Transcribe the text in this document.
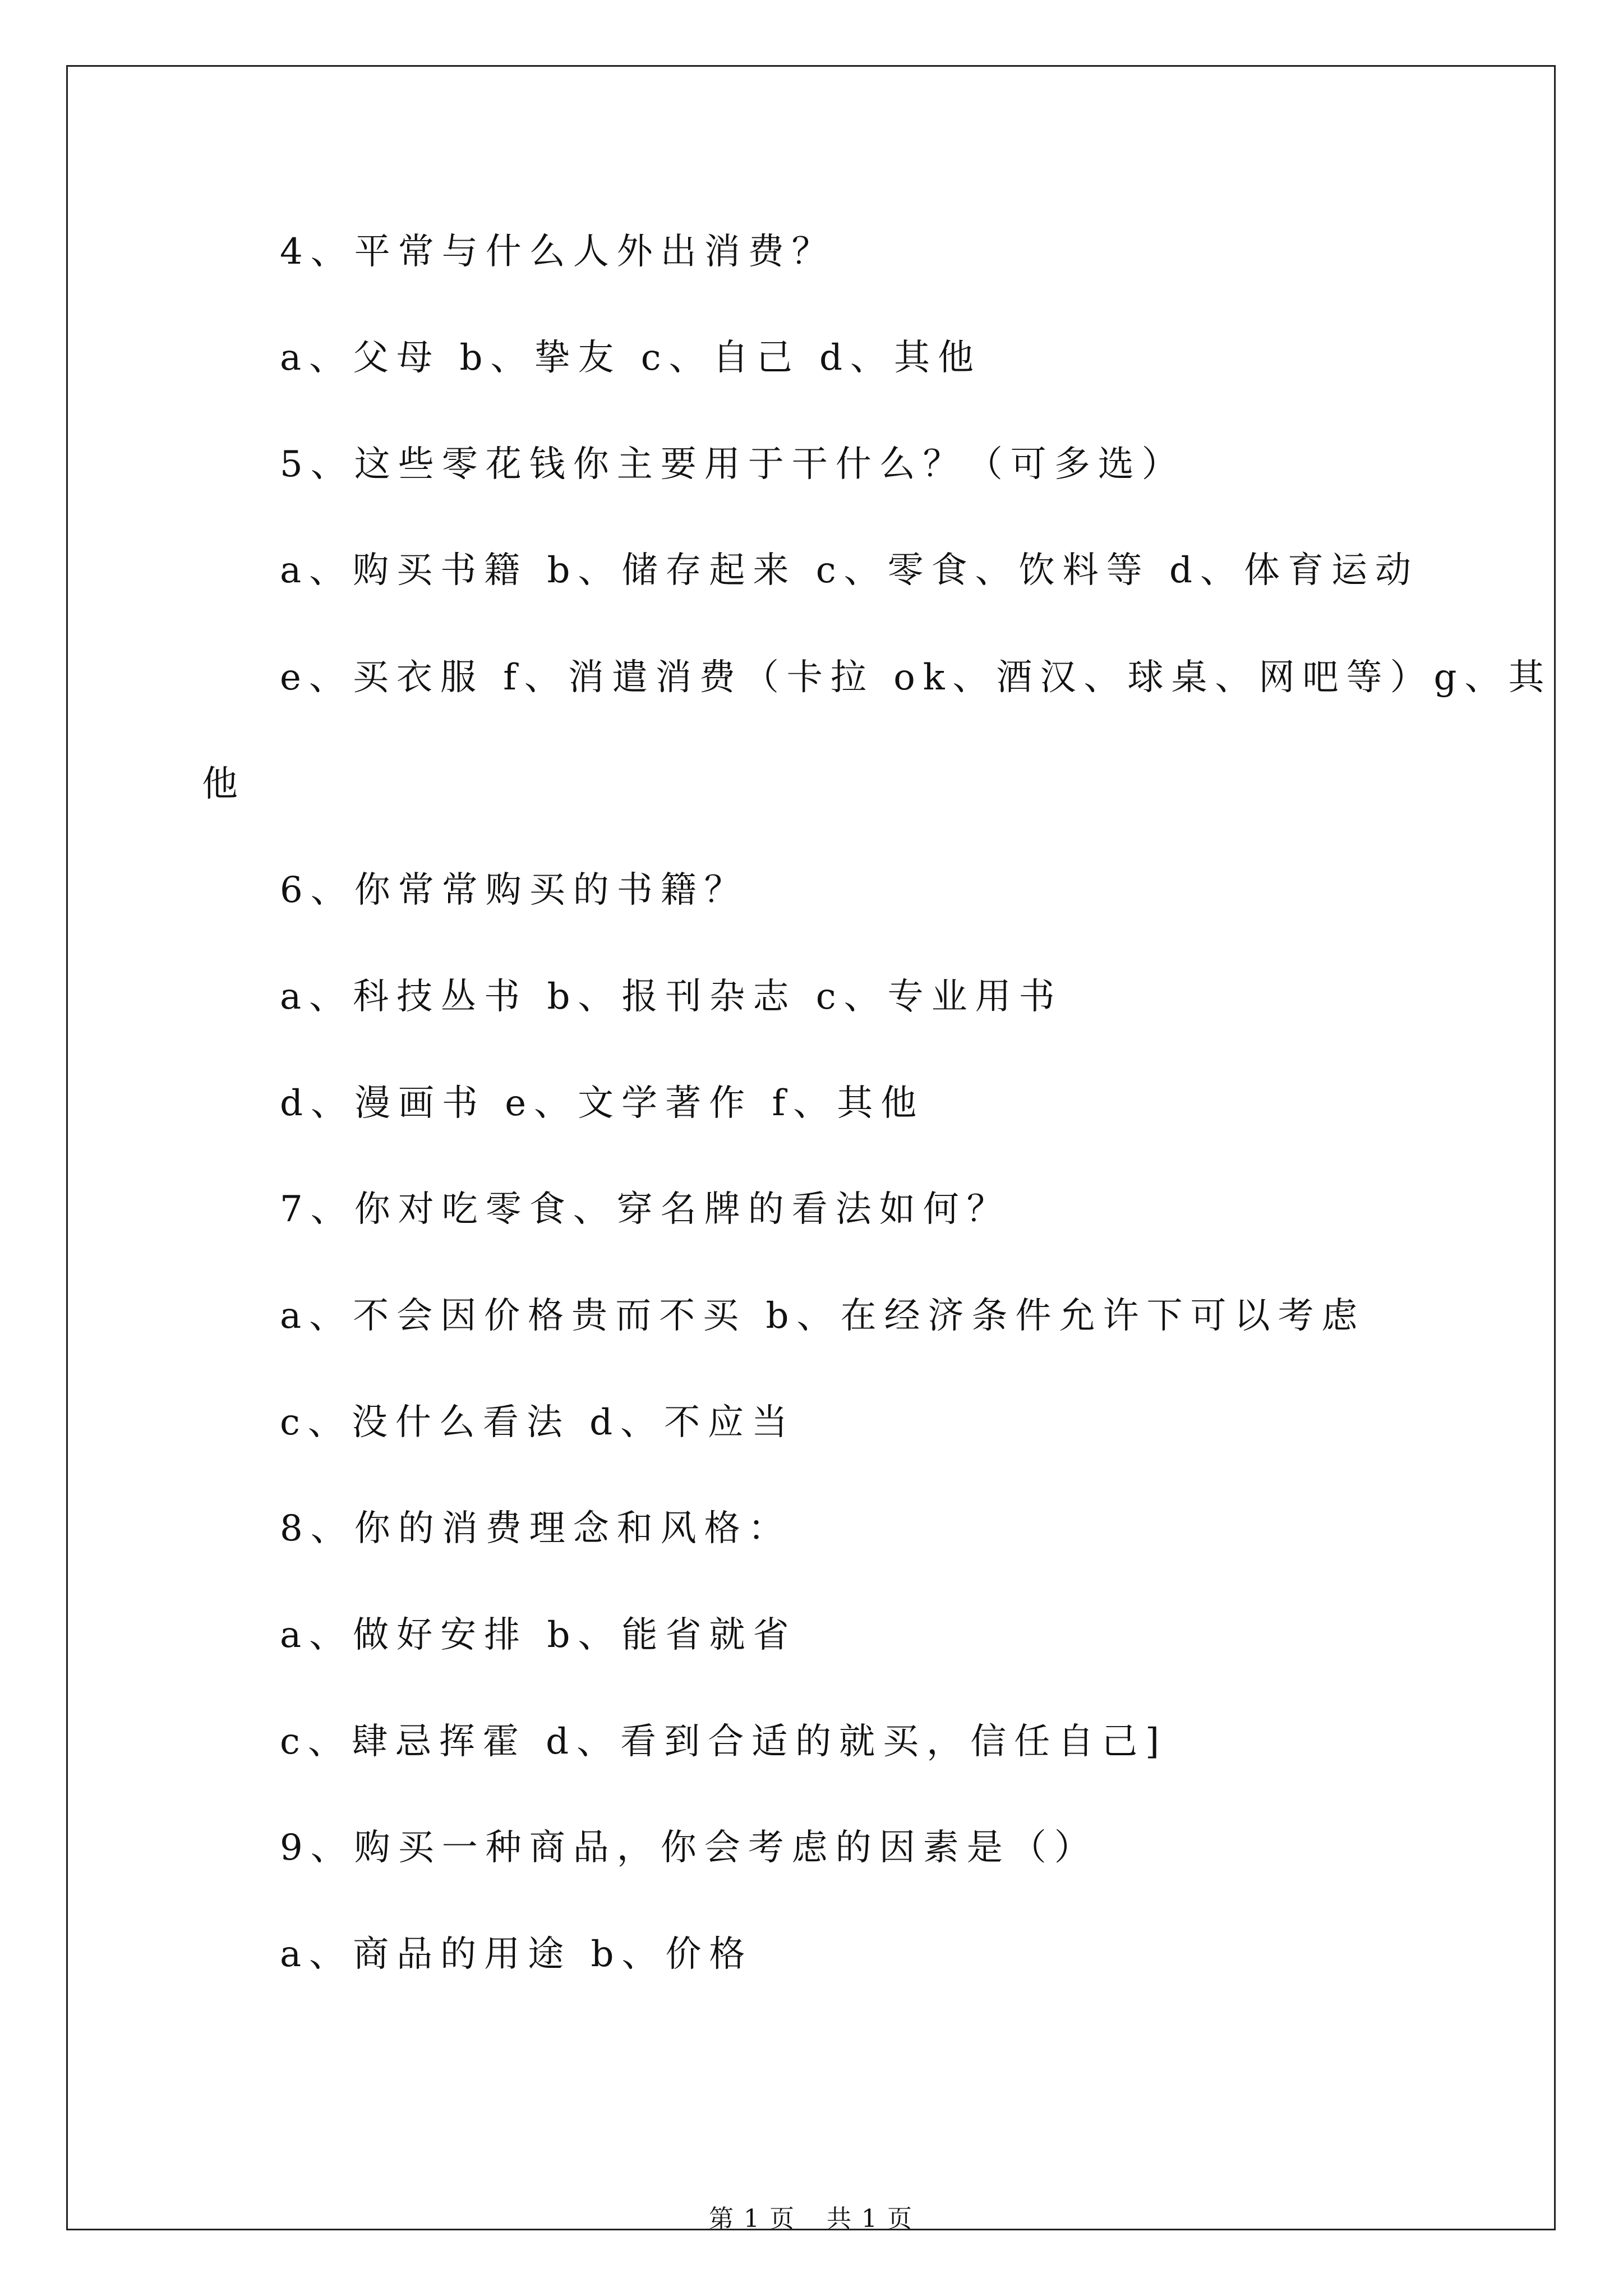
4、平常与什么人外出消费？
a、父母 b、挚友 c、自己 d、其他
5、这些零花钱你主要用于干什么？（可多选）
a、购买书籍 b、储存起来 c、零食、饮料等 d、体育运动
e、买衣服 f、消遣消费（卡拉 ok、酒汉、球桌、网吧等）g、其
他
6、你常常购买的书籍？
a、科技丛书 b、报刊杂志 c、专业用书
d、漫画书 e、文学著作 f、其他
7、你对吃零食、穿名牌的看法如何？
a、不会因价格贵而不买 b、在经济条件允许下可以考虑
c、没什么看法 d、不应当
8、你的消费理念和风格：
a、做好安排 b、能省就省
c、肆忌挥霍 d、看到合适的就买，信任自己]
9、购买一种商品，你会考虑的因素是（）
a、商品的用途 b、价格
第 1 页 共 1 页
